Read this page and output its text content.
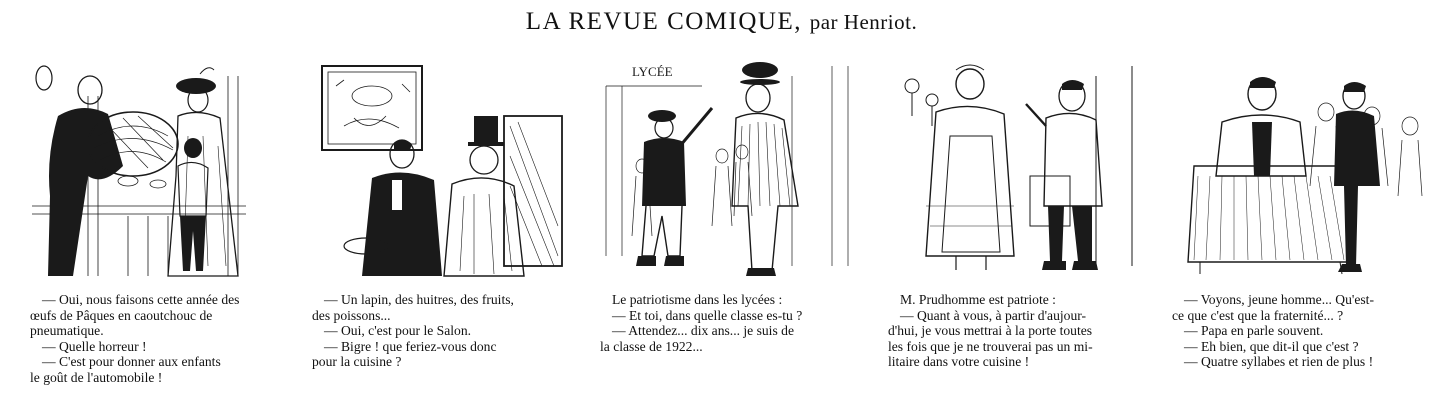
LA REVUE COMIQUE, par Henriot.
LYCÉE
— Oui, nous faisons cette année des
œufs de Pâques en caoutchouc de
pneumatique.
— Quelle horreur !
— C'est pour donner aux enfants
le goût de l'automobile !
— Un lapin, des huitres, des fruits,
des poissons...
— Oui, c'est pour le Salon.
— Bigre ! que feriez-vous donc
pour la cuisine ?
Le patriotisme dans les lycées :
— Et toi, dans quelle classe es-tu ?
— Attendez... dix ans... je suis de
la classe de 1922...
M. Prudhomme est patriote :
— Quant à vous, à partir d'aujour-
d'hui, je vous mettrai à la porte toutes
les fois que je ne trouverai pas un mi-
litaire dans votre cuisine !
— Voyons, jeune homme... Qu'est-
ce que c'est que la fraternité... ?
— Papa en parle souvent.
— Eh bien, que dit-il que c'est ?
— Quatre syllabes et rien de plus !
